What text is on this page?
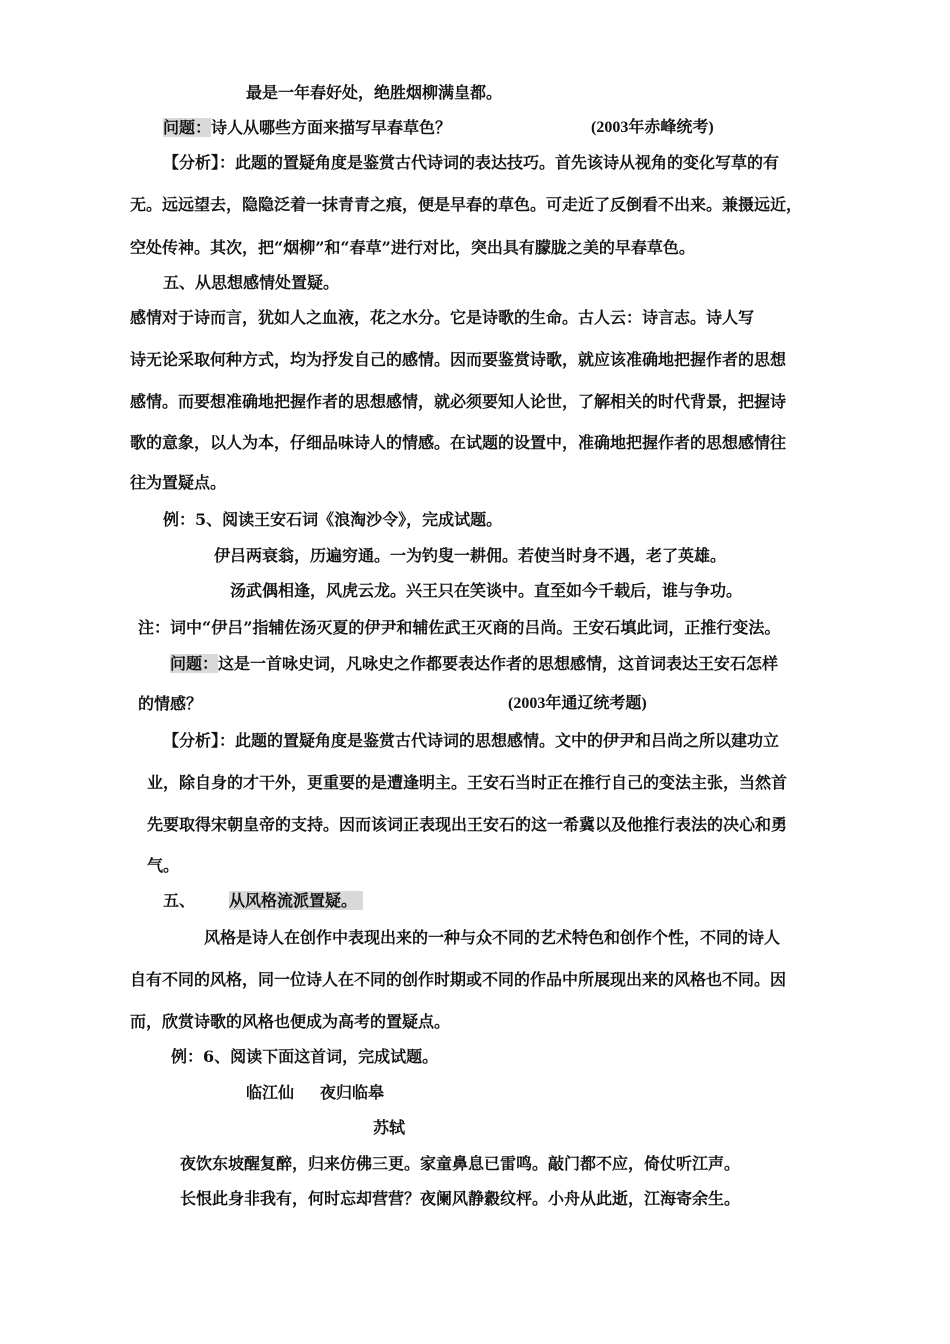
最是一年春好处，绝胜烟柳满皇都。
问题：诗人从哪些方面来描写早春草色？	(2003年赤峰统考)
【分析】：此题的置疑角度是鉴赏古代诗词的表达技巧。首先该诗从视角的变化写草的有
无。远远望去，隐隐泛着一抹青青之痕，便是早春的草色。可走近了反倒看不出来。兼摄远近，
空处传神。其次，把“烟柳”和“春草”进行对比，突出具有朦胧之美的早春草色。
五、从思想感情处置疑。
感情对于诗而言，犹如人之血液，花之水分。它是诗歌的生命。古人云：诗言志。诗人写
诗无论采取何种方式，均为抒发自己的感情。因而要鉴赏诗歌，就应该准确地把握作者的思想
感情。而要想准确地把握作者的思想感情，就必须要知人论世，了解相关的时代背景，把握诗
歌的意象，以人为本，仔细品味诗人的情感。在试题的设置中，准确地把握作者的思想感情往
往为置疑点。
例：5、阅读王安石词《浪淘沙令》，完成试题。
伊吕两衰翁，历遍穷通。一为钓叟一耕佣。若使当时身不遇，老了英雄。
汤武偶相逢，风虎云龙。兴王只在笑谈中。直至如今千载后，谁与争功。
注：词中“伊吕”指辅佐汤灭夏的伊尹和辅佐武王灭商的吕尚。王安石填此词，正推行变法。
问题：这是一首咏史词，凡咏史之作都要表达作者的思想感情，这首词表达王安石怎样
的情感？	(2003年通辽统考题)
【分析】：此题的置疑角度是鉴赏古代诗词的思想感情。文中的伊尹和吕尚之所以建功立
业，除自身的才干外，更重要的是遭逢明主。王安石当时正在推行自己的变法主张，当然首
先要取得宋朝皇帝的支持。因而该词正表现出王安石的这一希冀以及他推行表法的决心和勇
气。
五、 从风格流派置疑。
风格是诗人在创作中表现出来的一种与众不同的艺术特色和创作个性，不同的诗人
自有不同的风格，同一位诗人在不同的创作时期或不同的作品中所展现出来的风格也不同。因
而，欣赏诗歌的风格也便成为高考的置疑点。
例：6、阅读下面这首词，完成试题。
临江仙 夜归临皋
苏轼
夜饮东坡醒复醉，归来仿佛三更。家童鼻息已雷鸣。敲门都不应，倚仗听江声。
长恨此身非我有，何时忘却营营？夜阑风静縠纹枰。小舟从此逝，江海寄余生。
